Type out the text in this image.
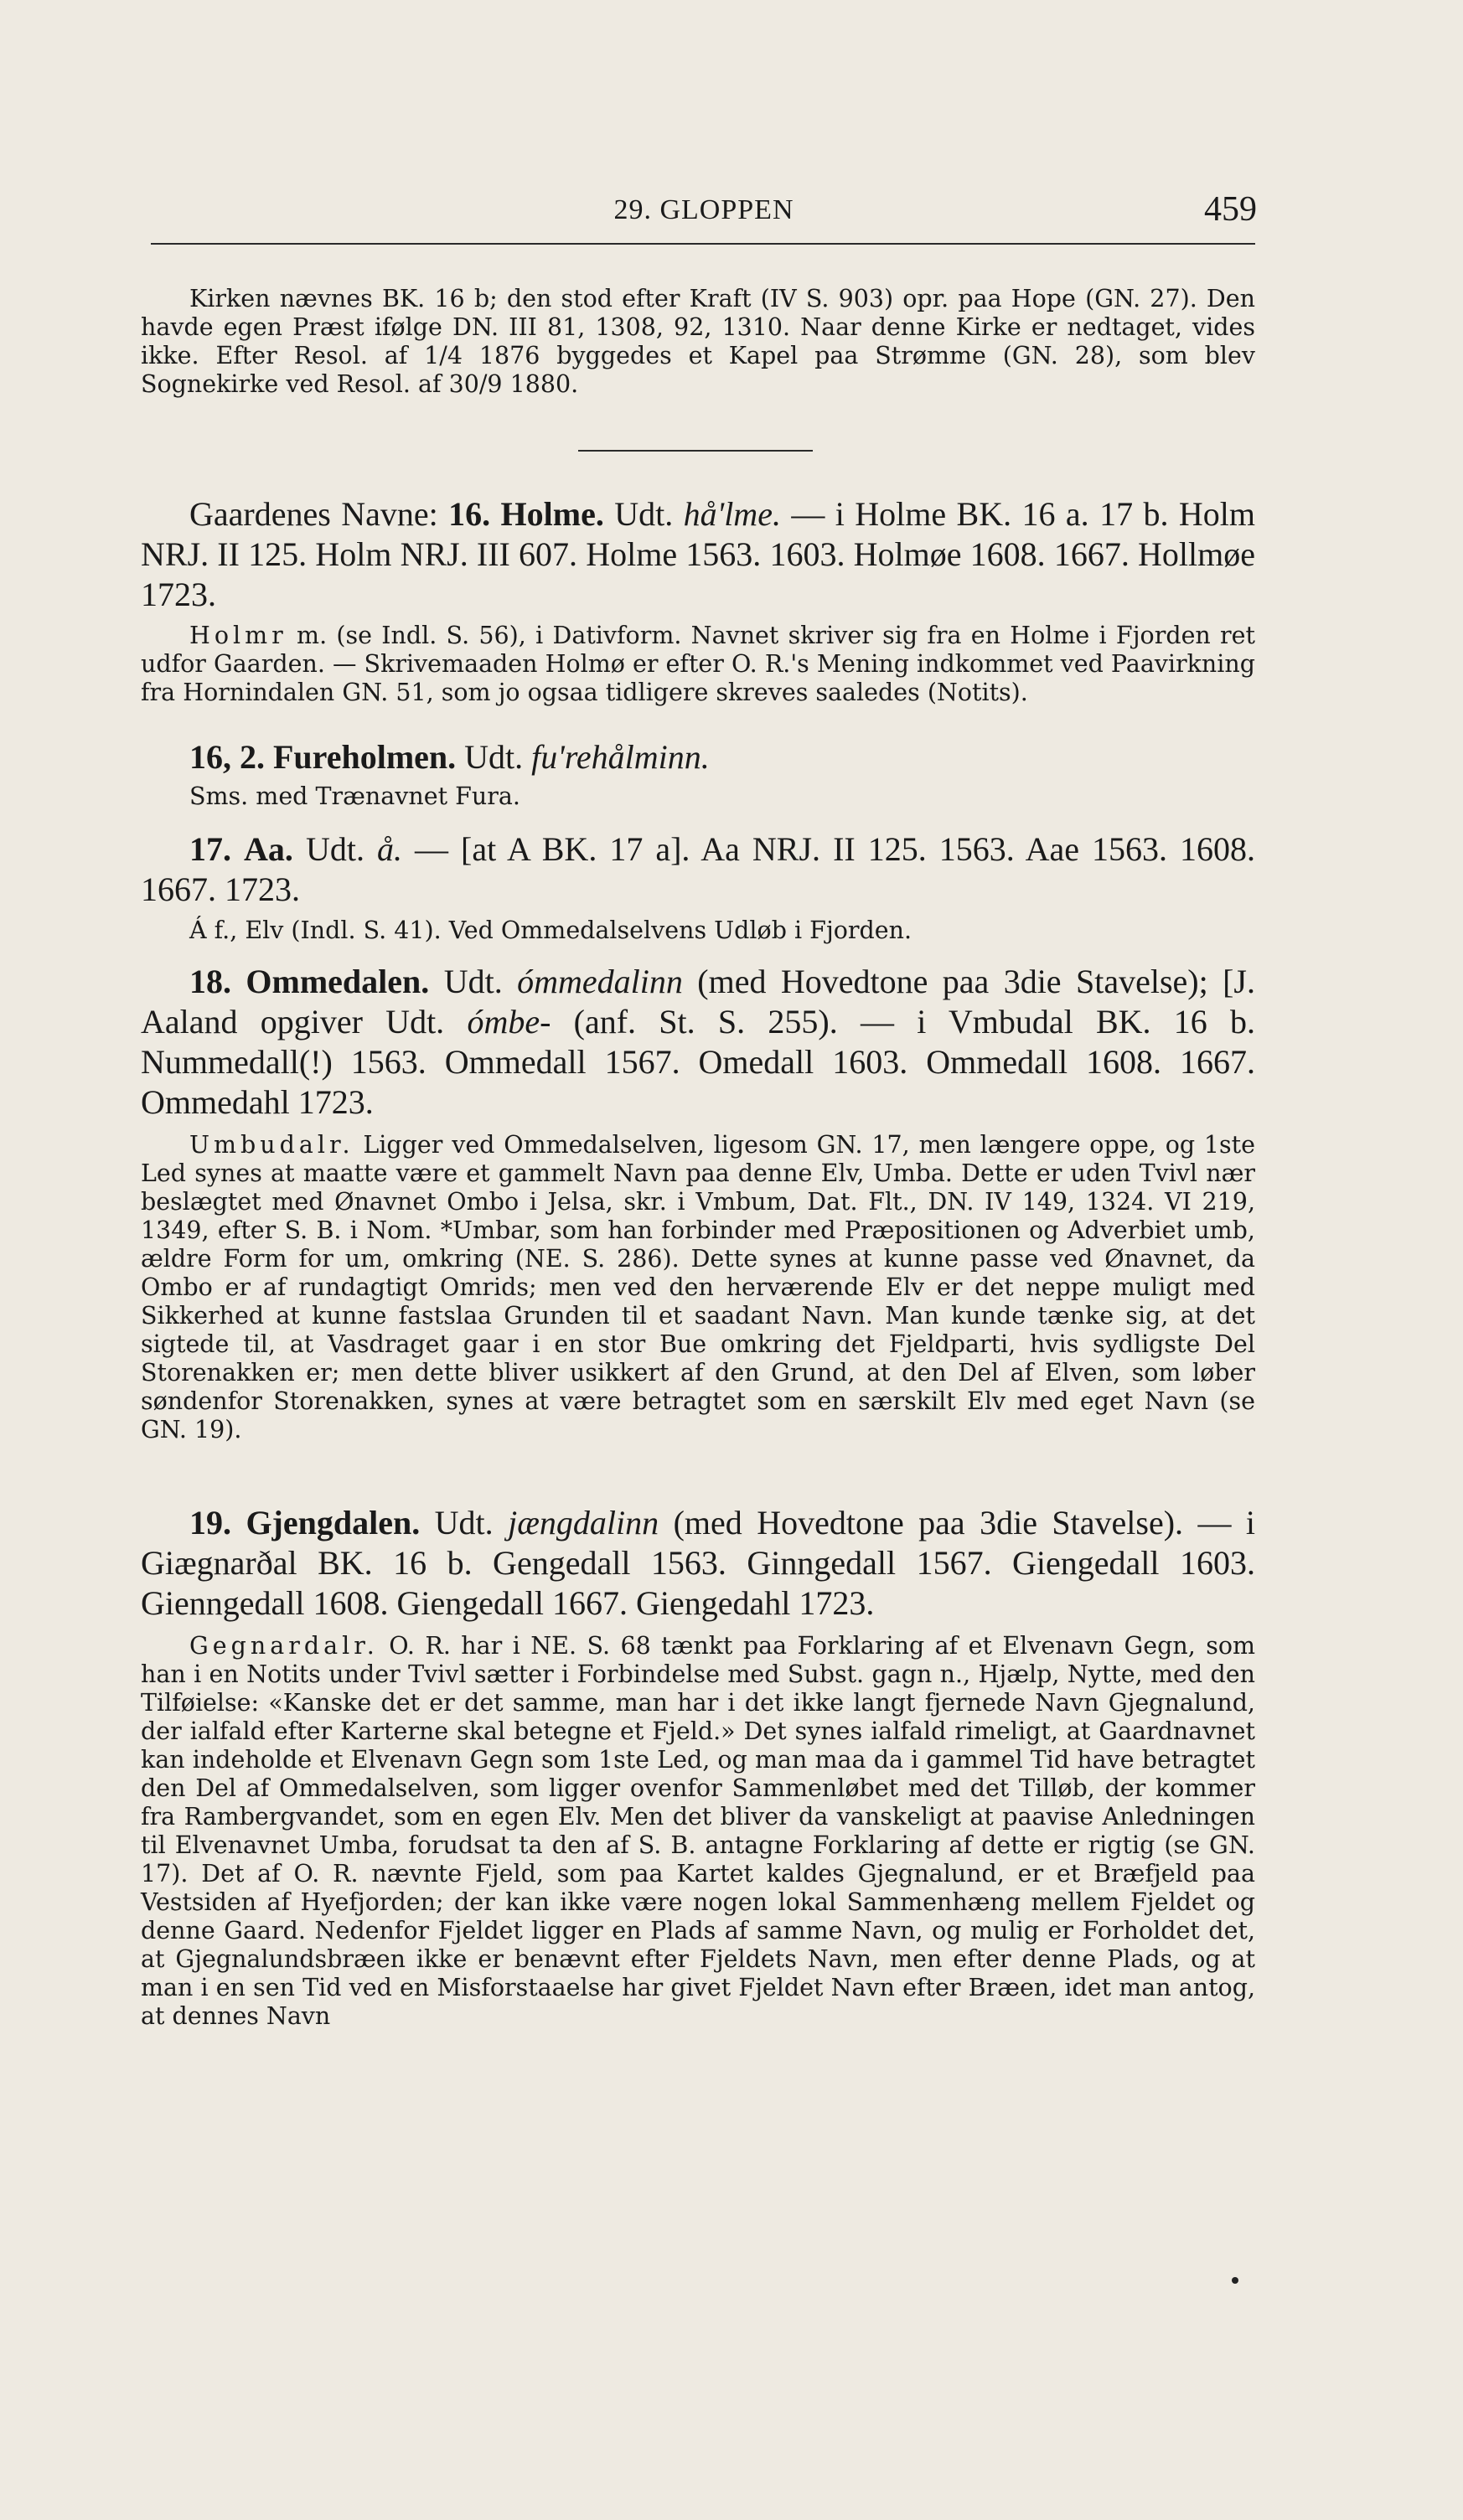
29. GLOPPEN	459

Kirken nævnes BK. 16 b; den stod efter Kraft (IV S. 903) opr. paa Hope (GN. 27). Den havde egen Præst ifølge DN. III 81, 1308, 92, 1310. Naar denne Kirke er nedtaget, vides ikke. Efter Resol. af 1/4 1876 byggedes et Kapel paa Strømme (GN. 28), som blev Sognekirke ved Resol. af 30/9 1880.

Gaardenes Navne: 16. Holme. Udt. hå'lme. — i Holme BK. 16 a. 17 b. Holm NRJ. II 125. Holm NRJ. III 607. Holme 1563. 1603. Holmøe 1608. 1667. Hollmøe 1723.

Holmr m. (se Indl. S. 56), i Dativform. Navnet skriver sig fra en Holme i Fjorden ret udfor Gaarden. — Skrivemaaden Holmø er efter O. R.'s Mening indkommet ved Paavirkning fra Hornindalen GN. 51, som jo ogsaa tidligere skreves saaledes (Notits).

16, 2. Fureholmen. Udt. fu'rehålminn.

Sms. med Trænavnet Fura.

17. Aa. Udt. å. — [at A BK. 17 a]. Aa NRJ. II 125. 1563. Aae 1563. 1608. 1667. 1723.

Á f., Elv (Indl. S. 41). Ved Ommedalselvens Udløb i Fjorden.

18. Ommedalen. Udt. ómmedalinn (med Hovedtone paa 3die Stavelse); [J. Aaland opgiver Udt. ómbe- (anf. St. S. 255). — i Vmbudal BK. 16 b. Nummedall(!) 1563. Ommedall 1567. Omedall 1603. Ommedall 1608. 1667. Ommedahl 1723.

Umbudalr. Ligger ved Ommedalselven, ligesom GN. 17, men længere oppe, og 1ste Led synes at maatte være et gammelt Navn paa denne Elv, Umba. Dette er uden Tvivl nær beslægtet med Ønavnet Ombo i Jelsa, skr. i Vmbum, Dat. Flt., DN. IV 149, 1324. VI 219, 1349, efter S. B. i Nom. *Umbar, som han forbinder med Præpositionen og Adverbiet umb, ældre Form for um, omkring (NE. S. 286). Dette synes at kunne passe ved Ønavnet, da Ombo er af rundagtigt Omrids; men ved den herværende Elv er det neppe muligt med Sikkerhed at kunne fastslaa Grunden til et saadant Navn. Man kunde tænke sig, at det sigtede til, at Vasdraget gaar i en stor Bue omkring det Fjeldparti, hvis sydligste Del Storenakken er; men dette bliver usikkert af den Grund, at den Del af Elven, som løber søndenfor Storenakken, synes at være betragtet som en særskilt Elv med eget Navn (se GN. 19).

19. Gjengdalen. Udt. jængdalinn (med Hovedtone paa 3die Stavelse). — i Giægnarðal BK. 16 b. Gengedall 1563. Ginngedall 1567. Giengedall 1603. Gienngedall 1608. Giengedall 1667. Giengedahl 1723.

Gegnardalr. O. R. har i NE. S. 68 tænkt paa Forklaring af et Elvenavn Gegn, som han i en Notits under Tvivl sætter i Forbindelse med Subst. gagn n., Hjælp, Nytte, med den Tilføielse: «Kanske det er det samme, man har i det ikke langt fjernede Navn Gjegnalund, der ialfald efter Karterne skal betegne et Fjeld.» Det synes ialfald rimeligt, at Gaardnavnet kan indeholde et Elvenavn Gegn som 1ste Led, og man maa da i gammel Tid have betragtet den Del af Ommedalselven, som ligger ovenfor Sammenløbet med det Tilløb, der kommer fra Rambergvandet, som en egen Elv. Men det bliver da vanskeligt at paavise Anledningen til Elvenavnet Umba, forudsat ta den af S. B. antagne Forklaring af dette er rigtig (se GN. 17). Det af O. R. nævnte Fjeld, som paa Kartet kaldes Gjegnalund, er et Bræfjeld paa Vestsiden af Hyefjorden; der kan ikke være nogen lokal Sammenhæng mellem Fjeldet og denne Gaard. Nedenfor Fjeldet ligger en Plads af samme Navn, og mulig er Forholdet det, at Gjegnalundsbræen ikke er benævnt efter Fjeldets Navn, men efter denne Plads, og at man i en sen Tid ved en Misforstaaelse har givet Fjeldet Navn efter Bræen, idet man antog, at dennes Navn
